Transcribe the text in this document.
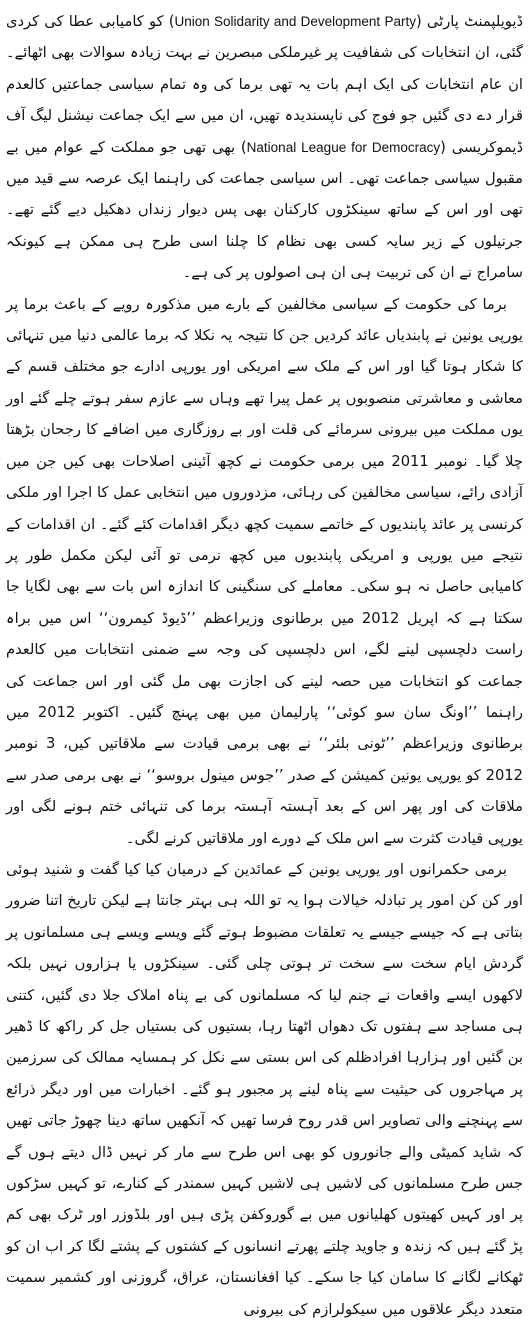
ڈیویلپمنٹ پارٹی (Union Solidarity and Development Party) کو کامیابی عطا کی کردی گئی، ان انتخابات کی شفافیت پر غیرملکی مبصرین نے بہت زیادہ سوالات بھی اٹھائے۔ ان عام انتخابات کی ایک اہم بات یہ تھی برما کی وہ تمام سیاسی جماعتیں کالعدم قرار دے دی گئیں جو فوج کی ناپسندیدہ تھیں، ان میں سے ایک جماعت نیشنل لیگ آف ڈیموکریسی (National League for Democracy) بھی تھی جو مملکت کے عوام میں بے مقبول سیاسی جماعت تھی۔ اس سیاسی جماعت کی راہنما ایک عرصہ سے قید میں تھی اور اس کے ساتھ سینکڑوں کارکنان بھی پس دیوار زنداں دھکیل دیے گئے تھے۔ جرنیلوں کے زیر سایہ کسی بھی نظام کا چلنا اسی طرح ہی ممکن ہے کیونکہ سامراج نے ان کی تربیت ہی ان ہی اصولوں پر کی ہے۔

برما کی حکومت کے سیاسی مخالفین کے بارے میں مذکورہ رویے کے باعث برما پر یورپی یونین نے پابندیاں عائد کردیں جن کا نتیجہ یہ نکلا کہ برما عالمی دنیا میں تنہائی کا شکار ہوتا گیا اور اس کے ملک سے امریکی اور یورپی ادارے جو مختلف قسم کے معاشی و معاشرتی منصوبوں پر عمل پیرا تھے وہاں سے عازم سفر ہوتے چلے گئے اور یوں مملکت میں بیرونی سرمائے کی قلت اور بے روزگاری میں اضافے کا رجحان بڑھتا چلا گیا۔ نومبر 2011 میں برمی حکومت نے کچھ آئینی اصلاحات بھی کیں جن میں آزادی رائے، سیاسی مخالفین کی رہائی، مزدوروں میں انتخابی عمل کا اجرا اور ملکی کرنسی پر عائد پابندیوں کے خاتمے سمیت کچھ دیگر اقدامات کئے گئے۔ ان اقدامات کے نتیجے میں یورپی و امریکی پابندیوں میں کچھ نرمی تو آئی لیکن مکمل طور پر کامیابی حاصل نہ ہو سکی۔ معاملے کی سنگینی کا اندازہ اس بات سے بھی لگایا جا سکتا ہے کہ اپریل 2012 میں برطانوی وزیراعظم ’’ڈیوڈ کیمرون‘‘ اس میں براہ راست دلچسپی لینے لگے، اس دلچسپی کی وجہ سے ضمنی انتخابات میں کالعدم جماعت کو انتخابات میں حصہ لینے کی اجازت بھی مل گئی اور اس جماعت کی راہنما ’’اونگ سان سو کوئی‘‘ پارلیمان میں بھی پہنچ گئیں۔ اکتوبر 2012 میں برطانوی وزیراعظم ’’ٹونی بلئر‘‘ نے بھی برمی قیادت سے ملاقاتیں کیں، 3 نومبر 2012 کو یورپی یونین کمیشن کے صدر ’’جوس مینول بروسو‘‘ نے بھی برمی صدر سے ملاقات کی اور پھر اس کے بعد آہستہ آہستہ برما کی تنہائی ختم ہونے لگی اور یورپی قیادت کثرت سے اس ملک کے دورے اور ملاقاتیں کرنے لگی۔

برمی حکمرانوں اور یورپی یونین کے عمائدین کے درمیان کیا کیا گفت و شنید ہوئی اور کن کن امور پر تبادلہ خیالات ہوا یہ تو اللہ ہی بہتر جانتا ہے لیکن تاریخ اتنا ضرور بتاتی ہے کہ جیسے جیسے یہ تعلقات مضبوط ہوتے گئے ویسے ویسے ہی مسلمانوں پر گردش ایام سخت سے سخت تر ہوتی چلی گئی۔ سینکڑوں یا ہزاروں نہیں بلکہ لاکھوں ایسے واقعات نے جنم لیا کہ مسلمانوں کی بے پناہ املاک جلا دی گئیں، کتنی ہی مساجد سے ہفتوں تک دھواں اٹھتا رہا، بستیوں کی بستیاں جل کر راکھ کا ڈھیر بن گئیں اور ہزارہا افرادظلم کی اس بستی سے نکل کر ہمسایہ ممالک کی سرزمین پر مہاجروں کی حیثیت سے پناہ لینے پر مجبور ہو گئے۔ اخبارات میں اور دیگر ذرائع سے پہنچنے والی تصاویر اس قدر روح فرسا تھیں کہ آنکھیں ساتھ دینا چھوڑ جاتی تھیں کہ شاید کمیٹی والے جانوروں کو بھی اس طرح سے مار کر نہیں ڈال دیتے ہوں گے جس طرح مسلمانوں کی لاشیں ہی لاشیں کہیں سمندر کے کنارے، تو کہیں سڑکوں پر اور کہیں کھیتوں کھلیانوں میں بے گوروکفن پڑی ہیں اور بلڈوزر اور ٹرک بھی کم پڑ گئے ہیں کہ زندہ و جاوید چلتے پھرتے انسانوں کے کشتوں کے پشتے لگا کر اب ان کو ٹھکانے لگانے کا سامان کیا جا سکے۔ کیا افغانستان، عراق، گروزنی اور کشمیر سمیت متعدد دیگر علاقوں میں سیکولرازم کی بیرونی
